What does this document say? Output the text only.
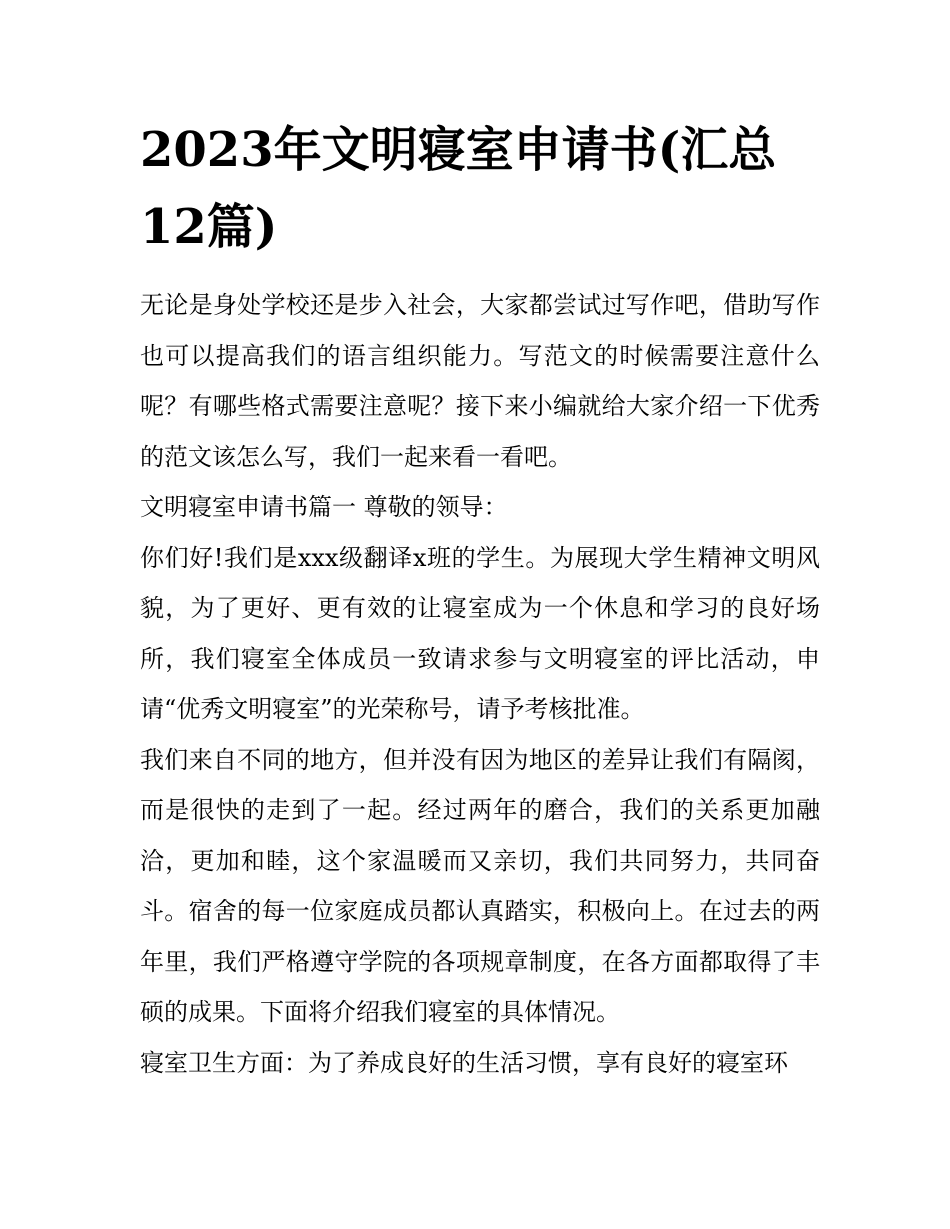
2023年文明寝室申请书(汇总12篇)

无论是身处学校还是步入社会，大家都尝试过写作吧，借助写作也可以提高我们的语言组织能力。写范文的时候需要注意什么呢？有哪些格式需要注意呢？接下来小编就给大家介绍一下优秀的范文该怎么写，我们一起来看一看吧。

文明寝室申请书篇一 尊敬的领导：

你们好!我们是xxx级翻译x班的学生。为展现大学生精神文明风貌，为了更好、更有效的让寝室成为一个休息和学习的良好场所，我们寝室全体成员一致请求参与文明寝室的评比活动，申请“优秀文明寝室”的光荣称号，请予考核批准。

我们来自不同的地方，但并没有因为地区的差异让我们有隔阂，而是很快的走到了一起。经过两年的磨合，我们的关系更加融洽，更加和睦，这个家温暖而又亲切，我们共同努力，共同奋斗。宿舍的每一位家庭成员都认真踏实，积极向上。在过去的两年里，我们严格遵守学院的各项规章制度，在各方面都取得了丰硕的成果。下面将介绍我们寝室的具体情况。

寝室卫生方面：为了养成良好的生活习惯，享有良好的寝室环
